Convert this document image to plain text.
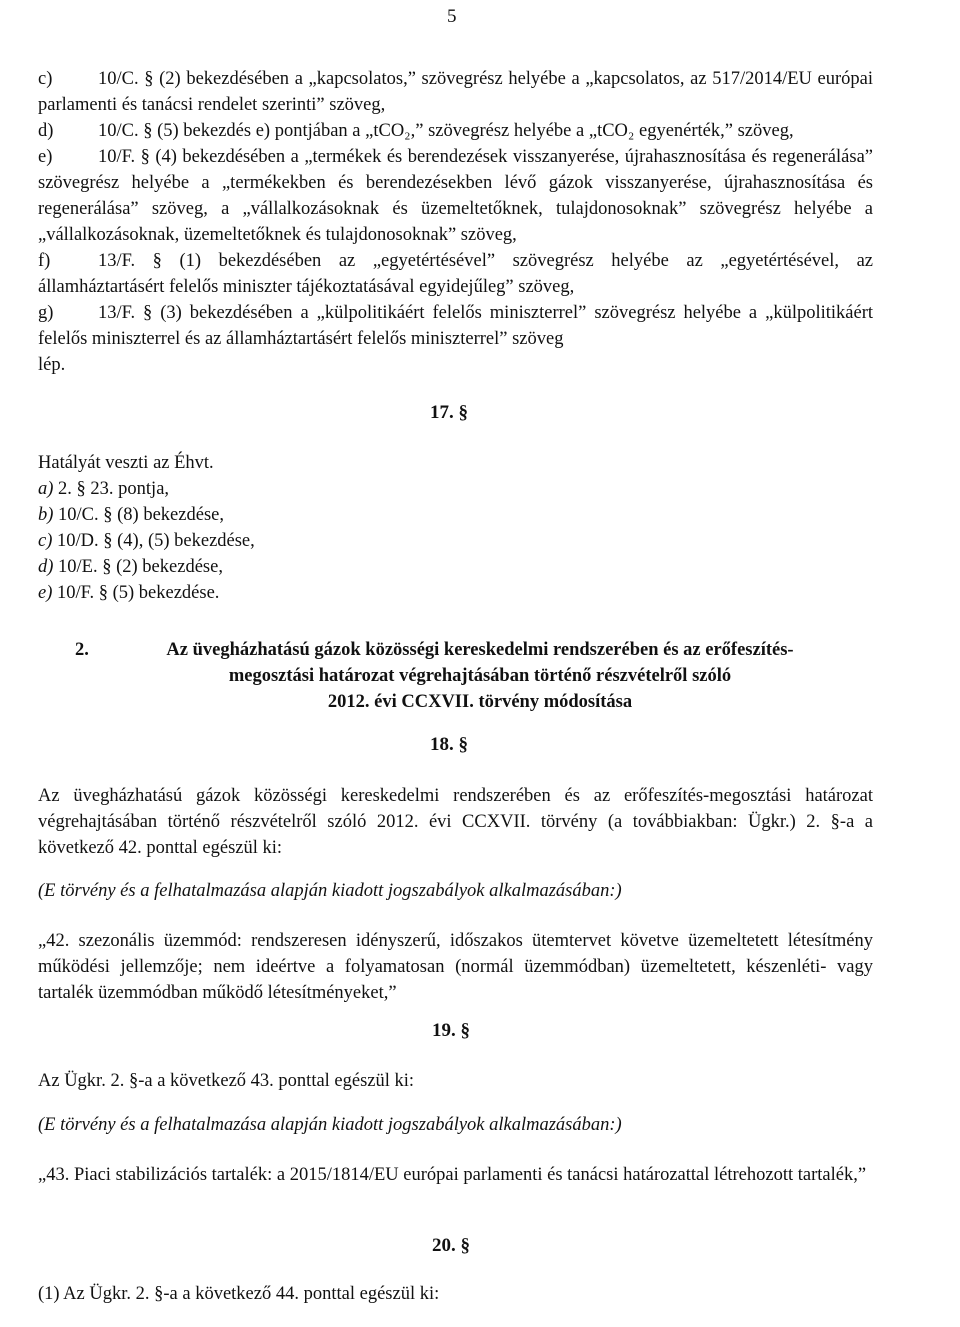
5
c) 10/C. § (2) bekezdésében a „kapcsolatos,” szövegrész helyébe a „kapcsolatos, az 517/2014/EU európai parlamenti és tanácsi rendelet szerinti” szöveg,
d) 10/C. § (5) bekezdés e) pontjában a „tCO₂,” szövegrész helyébe a „tCO₂ egyenérték,” szöveg,
e) 10/F. § (4) bekezdésében a „termékek és berendezések visszanyerése, újrahasznosítása és regenerálása” szövegrész helyébe a „termékekben és berendezésekben lévő gázok visszanyerése, újrahasznosítása és regenerálása” szöveg, a „vállalkozásoknak és üzemeltetőknek, tulajdonosoknak” szövegrész helyébe a „vállalkozásoknak, üzemeltetőknek és tulajdonosoknak” szöveg,
f)	13/F. § (1) bekezdésében az „egyetértésével” szövegrész helyébe az „egyetértésével, az államháztartásért felelős miniszter tájékoztatásával egyidejűleg” szöveg,
g) 13/F. § (3) bekezdésében a „külpolitikáért felelős miniszterrel” szövegrész helyébe a „külpolitikáért felelős miniszterrel és az államháztartásért felelős miniszterrel” szöveg
lép.
17. §
Hatályát veszti az Éhvt.
a) 2. § 23. pontja,
b) 10/C. § (8) bekezdése,
c) 10/D. § (4), (5) bekezdése,
d) 10/E. § (2) bekezdése,
e) 10/F. § (5) bekezdése.
2.	Az üvegházhatású gázok közösségi kereskedelmi rendszerében és az erőfeszítés-
megosztási határozat végrehajtásában történő részvételről szóló
2012. évi CCXVII. törvény módosítása
18. §
Az üvegházhatású gázok közösségi kereskedelmi rendszerében és az erőfeszítés-megosztási határozat végrehajtásában történő részvételről szóló 2012. évi CCXVII. törvény (a továbbiakban: Ügkr.) 2. §-a a következő 42. ponttal egészül ki:
(E törvény és a felhatalmazása alapján kiadott jogszabályok alkalmazásában:)
„42. szezonális üzemmód: rendszeresen idényszerű, időszakos ütemtervet követve üzemeltetett létesítmény működési jellemzője; nem ideértve a folyamatosan (normál üzemmódban) üzemeltetett, készenléti- vagy tartalék üzemmódban működő létesítményeket,”
19. §
Az Ügkr. 2. §-a a következő 43. ponttal egészül ki:
(E törvény és a felhatalmazása alapján kiadott jogszabályok alkalmazásában:)
„43. Piaci stabilizációs tartalék: a 2015/1814/EU európai parlamenti és tanácsi határozattal létrehozott tartalék,”
20. §
(1) Az Ügkr. 2. §-a a következő 44. ponttal egészül ki:
